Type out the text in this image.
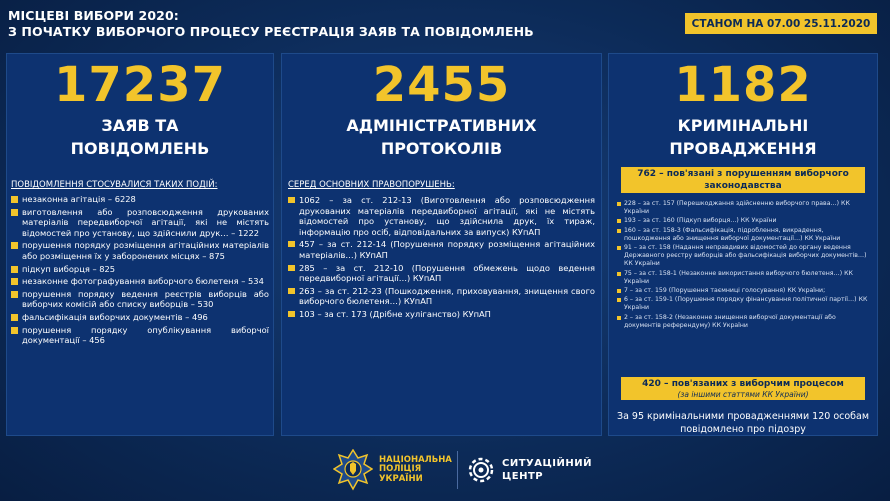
МІСЦЕВІ ВИБОРИ 2020:
З ПОЧАТКУ ВИБОРЧОГО ПРОЦЕСУ РЕЄСТРАЦІЯ ЗАЯВ ТА ПОВІДОМЛЕНЬ
СТАНОМ НА 07.00 25.11.2020
17237
ЗАЯВ ТА
ПОВІДОМЛЕНЬ
ПОВІДОМЛЕННЯ СТОСУВАЛИСЯ ТАКИХ ПОДІЙ:
незаконна агітація – 6228
виготовлення або розповсюдження друкованих матеріалів передвиборчої агітації, які не містять відомостей про установу, що здійснили друк… – 1222
порушення порядку розміщення агітаційних матеріалів або розміщення їх у заборонених місцях – 875
підкуп виборця – 825
незаконне фотографування виборчого бюлетеня – 534
порушення порядку ведення реєстрів виборців або виборчих комісій або списку виборців – 530
фальсифікація виборчих документів – 496
порушення порядку опублікування виборчої документації – 456
2455
АДМІНІСТРАТИВНИХ
ПРОТОКОЛІВ
СЕРЕД ОСНОВНИХ ПРАВОПОРУШЕНЬ:
1062 – за ст. 212-13 (Виготовлення або розповсюдження друкованих матеріалів передвиборної агітації, які не містять відомостей про установу, що здійснила друк, їх тираж, інформацію про осіб, відповідальних за випуск) КУпАП
457 – за ст. 212-14 (Порушення порядку розміщення агітаційних матеріалів…) КУпАП
285 – за ст. 212-10 (Порушення обмежень щодо ведення передвиборної агітації…) КУпАП
263 – за ст. 212-23 (Пошкодження, приховування, знищення свого виборчого бюлетеня…) КУпАП
103 – за ст. 173 (Дрібне хуліганство) КУпАП
1182
КРИМІНАЛЬНІ
ПРОВАДЖЕННЯ
762 – пов'язані з порушенням виборчого законодавства
228 – за ст. 157 (Перешкоджання здійсненню виборчого права…) КК України
193 – за ст. 160 (Підкуп виборця…) КК України
160 – за ст. 158-3 (Фальсифікація, підроблення, викрадення, пошкодження або знищення виборчої документації…) КК України
91 – за ст. 158 (Надання неправдивих відомостей до органу ведення Державного реєстру виборців або фальсифікація виборчих документів…) КК України
75 – за ст. 158-1 (Незаконне використання виборчого бюлетеня…) КК України
7 – за ст. 159 (Порушення таємниці голосування) КК України;
6 – за ст. 159-1 (Порушення порядку фінансування політичної партії…) КК України
2 – за ст. 158-2 (Незаконне знищення виборчої документації або документів референдуму) КК України
420 – пов'язаних з виборчим процесом
(за іншими статтями КК України)
За 95 кримінальними провадженнями 120 особам повідомлено про підозру
НАЦІОНАЛЬНА ПОЛІЦІЯ УКРАЇНИ
СИТУАЦІЙНИЙ ЦЕНТР
